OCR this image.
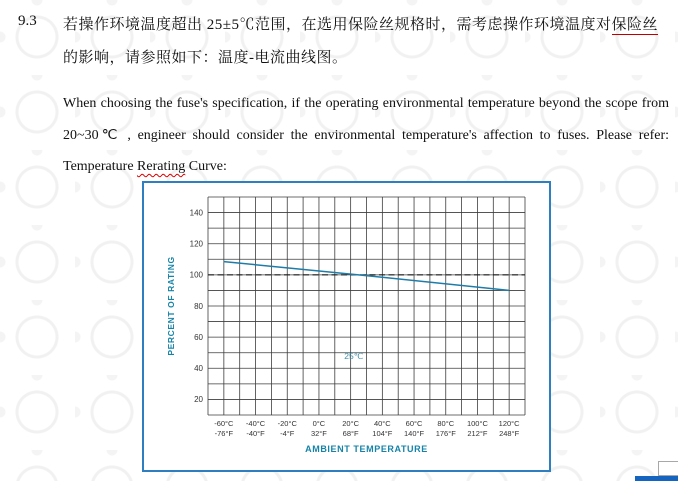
9.3 若操作环境温度超出 25±5℃范围，在选用保险丝规格时，需考虑操作环境温度对保险丝
的影响，请参照如下：温度-电流曲线图。
When choosing the fuse's specification, if the operating environmental temperature beyond the scope from 20~30℃ , engineer should consider the environmental temperature's affection to fuses. Please refer: Temperature Rerating Curve:
20
40
60
80
100
120
140
-60°C
-76°F
-40°C
-40°F
-20°C
-4°F
0°C
32°F
20°C
68°F
40°C
104°F
60°C
140°F
80°C
176°F
100°C
212°F
120°C
248°F
PERCENT OF RATING
AMBIENT TEMPERATURE
25℃
